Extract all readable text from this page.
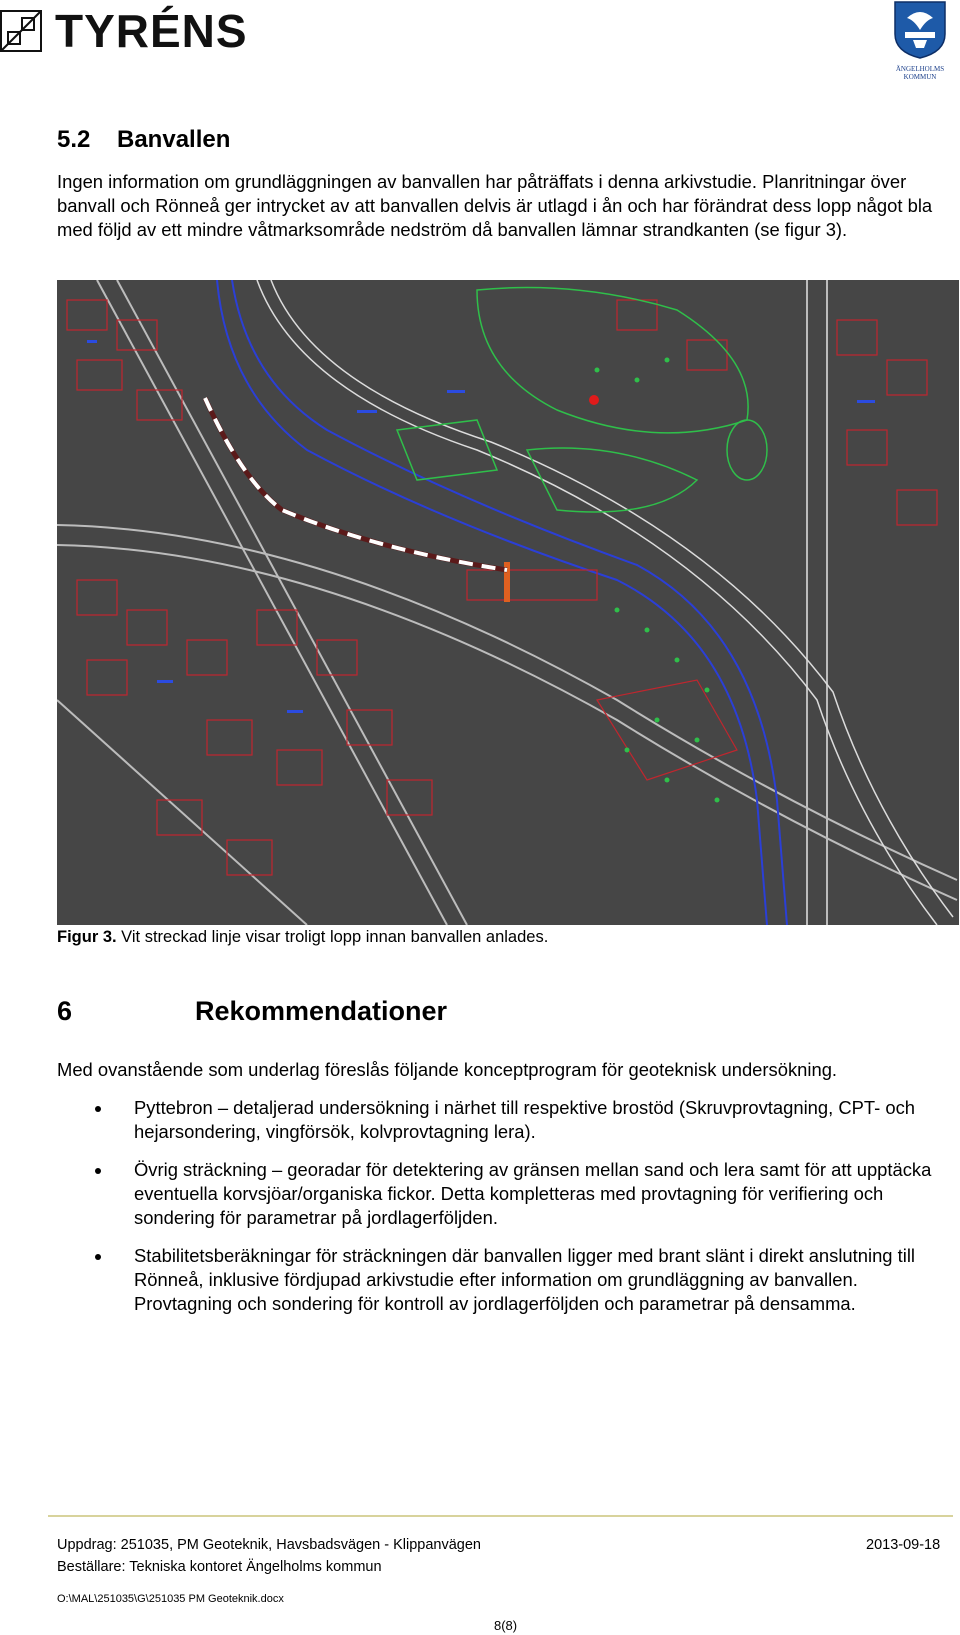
TYRÉNS
ÄNGELHOLMS KOMMUN
5.2 Banvallen
Ingen information om grundläggningen av banvallen har påträffats i denna arkivstudie. Planritningar över banvall och Rönneå ger intrycket av att banvallen delvis är utlagd i ån och har förändrat dess lopp något bla med följd av ett mindre våtmarksområde nedström då banvallen lämnar strandkanten (se figur 3).
Figur 3. Vit streckad linje visar troligt lopp innan banvallen anlades.
6	Rekommendationer
Med ovanstående som underlag föreslås följande konceptprogram för geoteknisk undersökning.
Pyttebron – detaljerad undersökning i närhet till respektive brostöd (Skruvprovtagning, CPT- och hejarsondering, vingförsök, kolvprovtagning lera).
Övrig sträckning – georadar för detektering av gränsen mellan sand och lera samt för att upptäcka eventuella korvsjöar/organiska fickor. Detta kompletteras med provtagning för verifiering och sondering för parametrar på jordlagerföljden.
Stabilitetsberäkningar för sträckningen där banvallen ligger med brant slänt i direkt anslutning till Rönneå, inklusive fördjupad arkivstudie efter information om grundläggning av banvallen. Provtagning och sondering för kontroll av jordlagerföljden och parametrar på densamma.
Uppdrag: 251035, PM Geoteknik, Havsbadsvägen - Klippanvägen	2013-09-18
Beställare: Tekniska kontoret Ängelholms kommun
O:\MAL\251035\G\251035 PM Geoteknik.docx
8(8)
